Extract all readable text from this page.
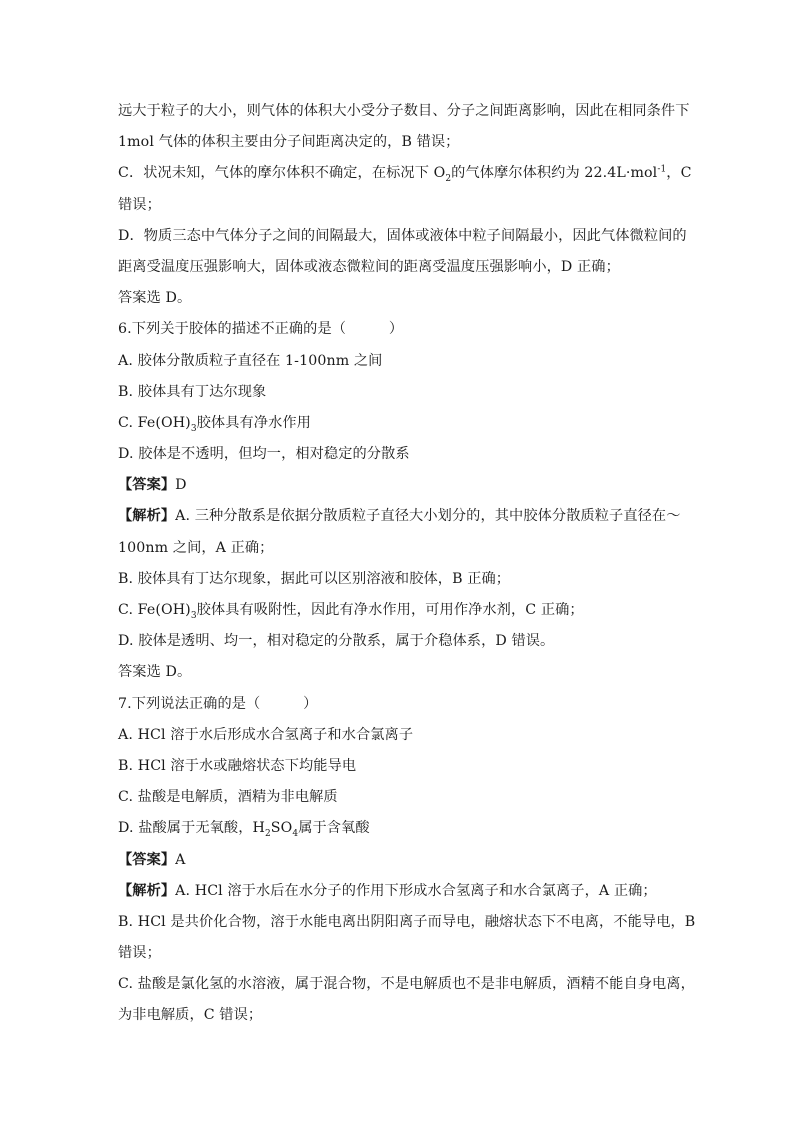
远大于粒子的大小，则气体的体积大小受分子数目、分子之间距离影响，因此在相同条件下
1mol 气体的体积主要由分子间距离决定的，B 错误；
C．状况未知，气体的摩尔体积不确定，在标况下 $O_2$的气体摩尔体积约为 22.4L·mol$^{-1}$，C
错误；
D．物质三态中气体分子之间的间隔最大，固体或液体中粒子间隔最小，因此气体微粒间的
距离受温度压强影响大，固体或液态微粒间的距离受温度压强影响小，D 正确；
答案选 D。
6.下列关于胶体的描述不正确的是（　　　）
A. 胶体分散质粒子直径在 1-100nm 之间
B. 胶体具有丁达尔现象
C. $Fe(OH)_3$胶体具有净水作用
D. 胶体是不透明，但均一，相对稳定的分散系
【答案】D
【解析】A. 三种分散系是依据分散质粒子直径大小划分的，其中胶体分散质粒子直径在～
100nm 之间，A 正确；
B. 胶体具有丁达尔现象，据此可以区别溶液和胶体，B 正确；
C. $Fe(OH)_3$胶体具有吸附性，因此有净水作用，可用作净水剂，C 正确；
D. 胶体是透明、均一，相对稳定的分散系，属于介稳体系，D 错误。
答案选 D。
7.下列说法正确的是（　　　）
A. HCl 溶于水后形成水合氢离子和水合氯离子
B. HCl 溶于水或融熔状态下均能导电
C. 盐酸是电解质，酒精为非电解质
D. 盐酸属于无氧酸，$H_2SO_4$属于含氧酸
【答案】A
【解析】A. HCl 溶于水后在水分子的作用下形成水合氢离子和水合氯离子，A 正确；
B. HCl 是共价化合物，溶于水能电离出阴阳离子而导电，融熔状态下不电离，不能导电，B
错误；
C. 盐酸是氯化氢的水溶液，属于混合物，不是电解质也不是非电解质，酒精不能自身电离，
为非电解质，C 错误；
